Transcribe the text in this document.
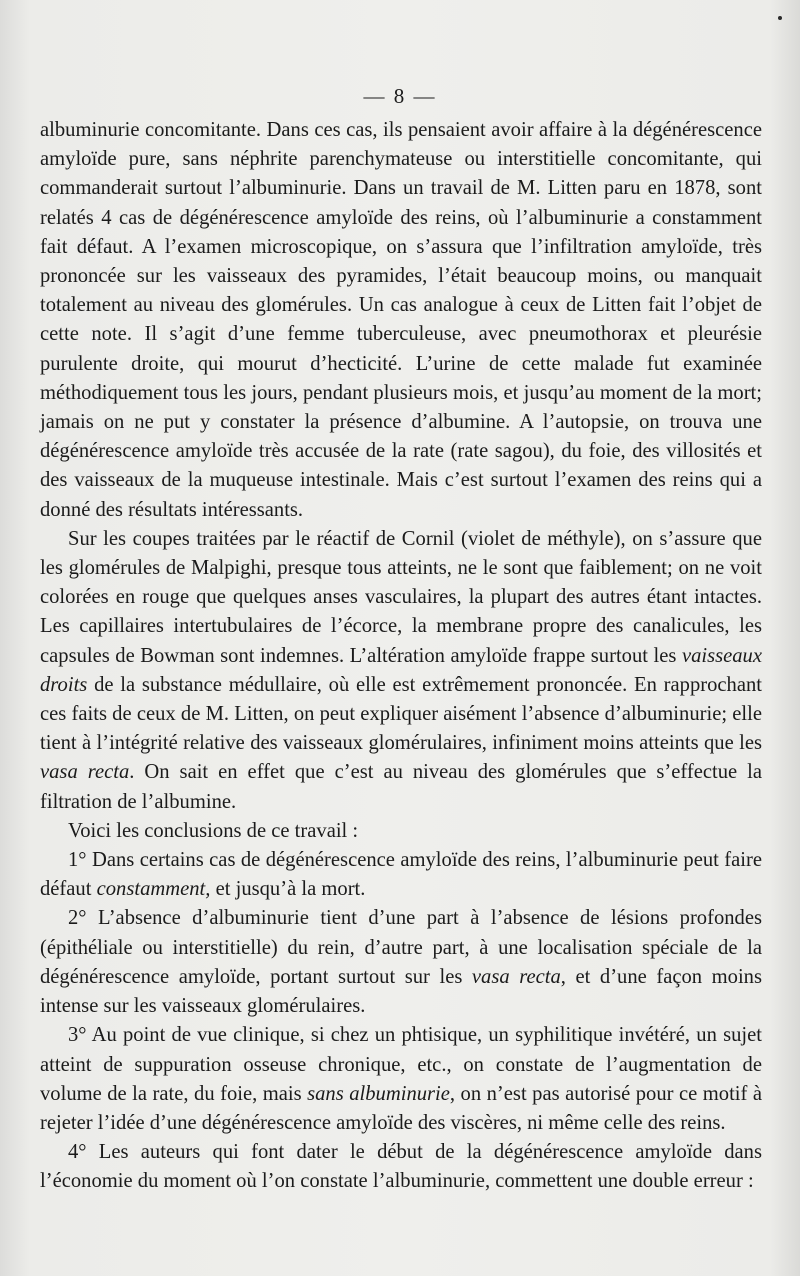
— 8 —

albuminurie concomitante. Dans ces cas, ils pensaient avoir affaire à la dégénérescence amyloïde pure, sans néphrite parenchymateuse ou interstitielle concomitante, qui commanderait surtout l’albuminurie. Dans un travail de M. Litten paru en 1878, sont relatés 4 cas de dégénérescence amyloïde des reins, où l’albuminurie a constamment fait défaut. A l’examen microscopique, on s’assura que l’infiltration amyloïde, très prononcée sur les vaisseaux des pyramides, l’était beaucoup moins, ou manquait totalement au niveau des glomérules. Un cas analogue à ceux de Litten fait l’objet de cette note. Il s’agit d’une femme tuberculeuse, avec pneumothorax et pleurésie purulente droite, qui mourut d’hecticité. L’urine de cette malade fut examinée méthodiquement tous les jours, pendant plusieurs mois, et jusqu’au moment de la mort; jamais on ne put y constater la présence d’albumine. A l’autopsie, on trouva une dégénérescence amyloïde très accusée de la rate (rate sagou), du foie, des villosités et des vaisseaux de la muqueuse intestinale. Mais c’est surtout l’examen des reins qui a donné des résultats intéressants.

Sur les coupes traitées par le réactif de Cornil (violet de méthyle), on s’assure que les glomérules de Malpighi, presque tous atteints, ne le sont que faiblement; on ne voit colorées en rouge que quelques anses vasculaires, la plupart des autres étant intactes. Les capillaires intertubulaires de l’écorce, la membrane propre des canalicules, les capsules de Bowman sont indemnes. L’altération amyloïde frappe surtout les vaisseaux droits de la substance médullaire, où elle est extrêmement prononcée. En rapprochant ces faits de ceux de M. Litten, on peut expliquer aisément l’absence d’albuminurie; elle tient à l’intégrité relative des vaisseaux glomérulaires, infiniment moins atteints que les vasa recta. On sait en effet que c’est au niveau des glomérules que s’effectue la filtration de l’albumine.

Voici les conclusions de ce travail :

1° Dans certains cas de dégénérescence amyloïde des reins, l’albuminurie peut faire défaut constamment, et jusqu’à la mort.

2° L’absence d’albuminurie tient d’une part à l’absence de lésions profondes (épithéliale ou interstitielle) du rein, d’autre part, à une localisation spéciale de la dégénérescence amyloïde, portant surtout sur les vasa recta, et d’une façon moins intense sur les vaisseaux glomérulaires.

3° Au point de vue clinique, si chez un phtisique, un syphilitique invétéré, un sujet atteint de suppuration osseuse chronique, etc., on constate de l’augmentation de volume de la rate, du foie, mais sans albuminurie, on n’est pas autorisé pour ce motif à rejeter l’idée d’une dégénérescence amyloïde des viscères, ni même celle des reins.

4° Les auteurs qui font dater le début de la dégénérescence amyloïde dans l’économie du moment où l’on constate l’albuminurie, commettent une double erreur :
